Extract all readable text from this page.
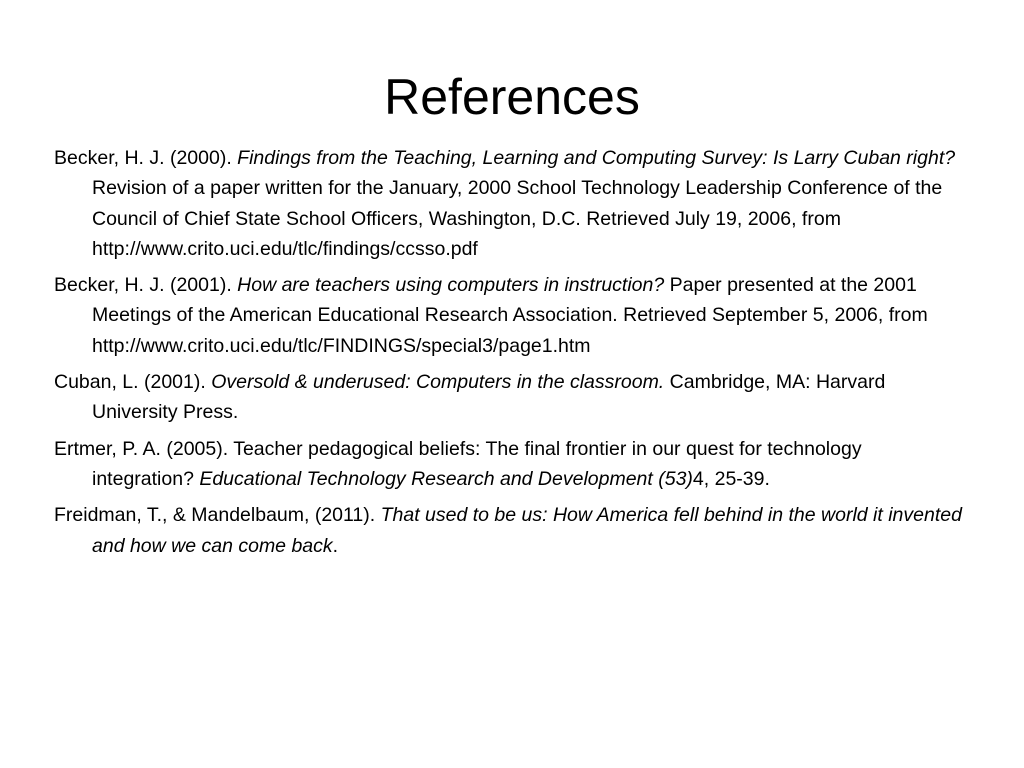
References
Becker, H. J. (2000). Findings from the Teaching, Learning and Computing Survey: Is Larry Cuban right? Revision of a paper written for the January, 2000 School Technology Leadership Conference of the Council of Chief State School Officers, Washington, D.C. Retrieved July 19, 2006, from http://www.crito.uci.edu/tlc/findings/ccsso.pdf
Becker, H. J. (2001). How are teachers using computers in instruction? Paper presented at the 2001 Meetings of the American Educational Research Association. Retrieved September 5, 2006, from http://www.crito.uci.edu/tlc/FINDINGS/special3/page1.htm
Cuban, L. (2001). Oversold & underused: Computers in the classroom. Cambridge, MA: Harvard University Press.
Ertmer, P. A. (2005). Teacher pedagogical beliefs: The final frontier in our quest for technology integration? Educational Technology Research and Development (53)4, 25-39.
Freidman, T., & Mandelbaum, (2011). That used to be us: How America fell behind in the world it invented and how we can come back.
